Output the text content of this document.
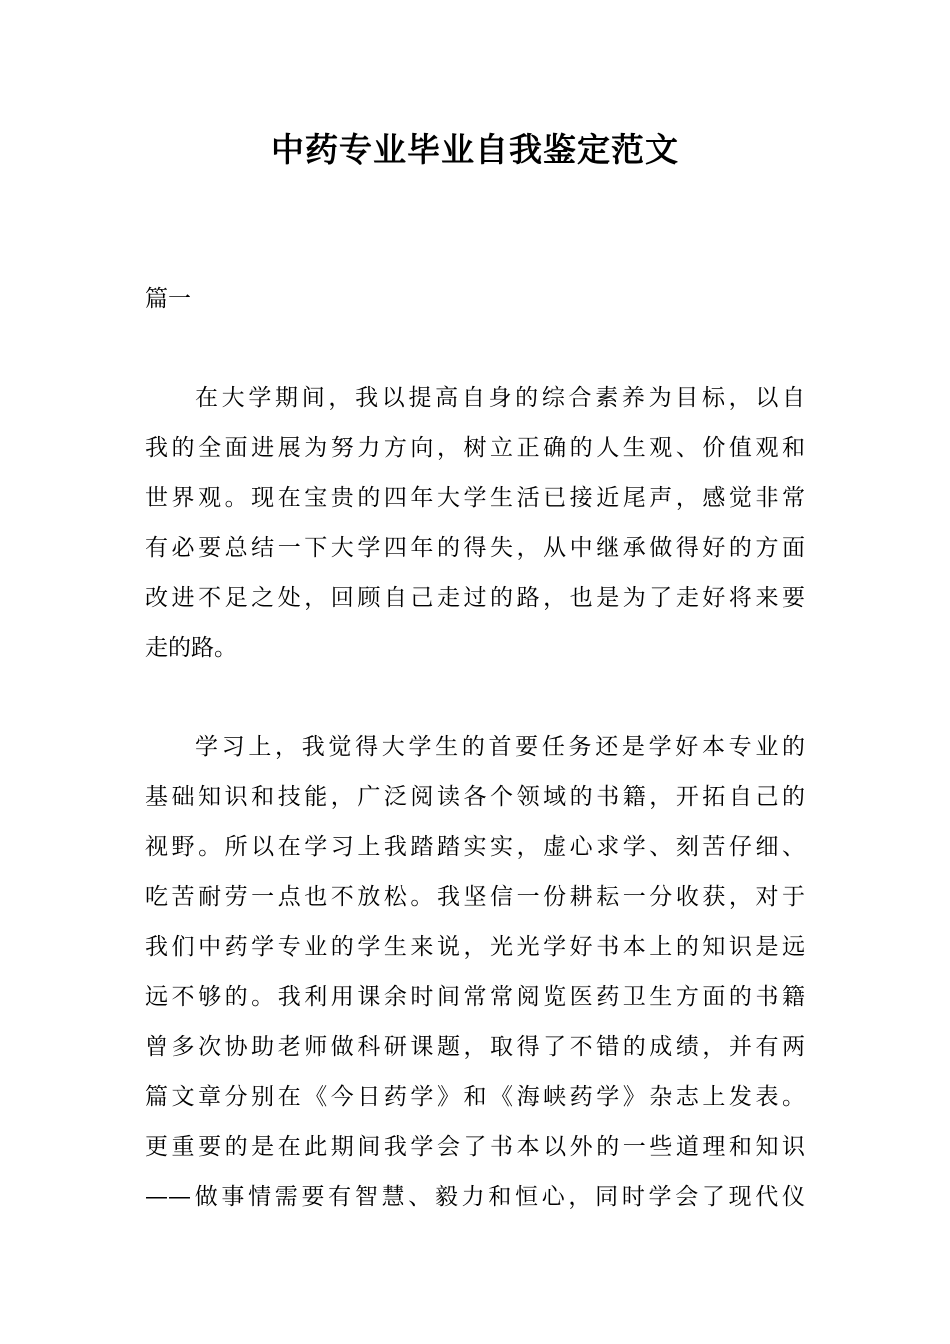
中药专业毕业自我鉴定范文

篇一

在大学期间，我以提高自身的综合素养为目标，以自
我的全面进展为努力方向，树立正确的人生观、价值观和
世界观。现在宝贵的四年大学生活已接近尾声，感觉非常
有必要总结一下大学四年的得失，从中继承做得好的方面
改进不足之处，回顾自己走过的路，也是为了走好将来要
走的路。
学习上，我觉得大学生的首要任务还是学好本专业的
基础知识和技能，广泛阅读各个领域的书籍，开拓自己的
视野。所以在学习上我踏踏实实，虚心求学、刻苦仔细、
吃苦耐劳一点也不放松。我坚信一份耕耘一分收获，对于
我们中药学专业的学生来说，光光学好书本上的知识是远
远不够的。我利用课余时间常常阅览医药卫生方面的书籍
曾多次协助老师做科研课题，取得了不错的成绩，并有两
篇文章分别在《今日药学》和《海峡药学》杂志上发表。
更重要的是在此期间我学会了书本以外的一些道理和知识
——做事情需要有智慧、毅力和恒心，同时学会了现代仪
